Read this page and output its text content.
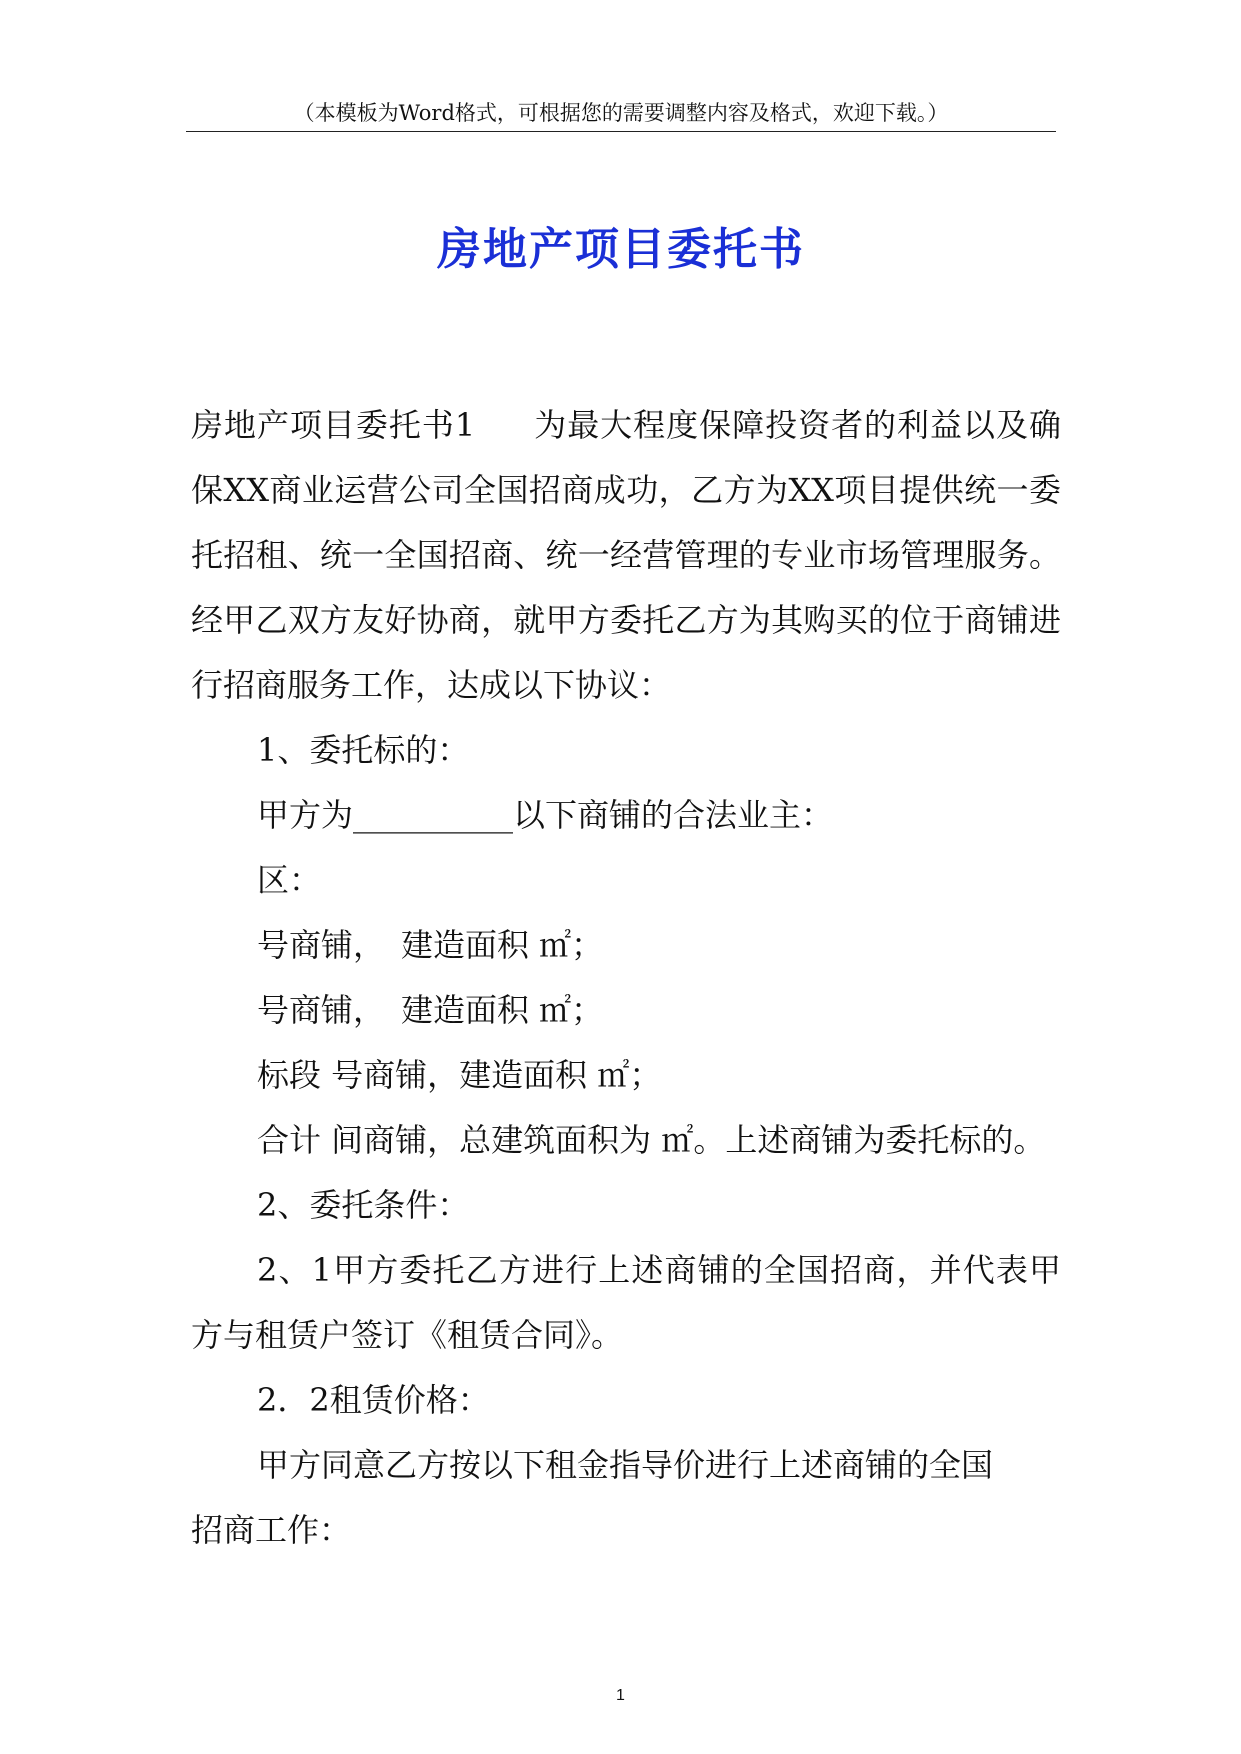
（本模板为Word格式，可根据您的需要调整内容及格式，欢迎下载。）
房地产项目委托书
房地产项目委托书1 为最大程度保障投资者的利益以及确保XX商业运营公司全国招商成功，乙方为XX项目提供统一委托招租、统一全国招商、统一经营管理的专业市场管理服务。经甲乙双方友好协商，就甲方委托乙方为其购买的位于商铺进行招商服务工作，达成以下协议：
1、委托标的：
甲方为__________以下商铺的合法业主：
区：
号商铺，　建造面积 ㎡；
号商铺，　建造面积 ㎡；
标段 号商铺，建造面积 ㎡；
合计 间商铺，总建筑面积为 ㎡。上述商铺为委托标的。
2、委托条件：
2、1甲方委托乙方进行上述商铺的全国招商，并代表甲方与租赁户签订《租赁合同》。
2．2租赁价格：
甲方同意乙方按以下租金指导价进行上述商铺的全国招商工作：
1
